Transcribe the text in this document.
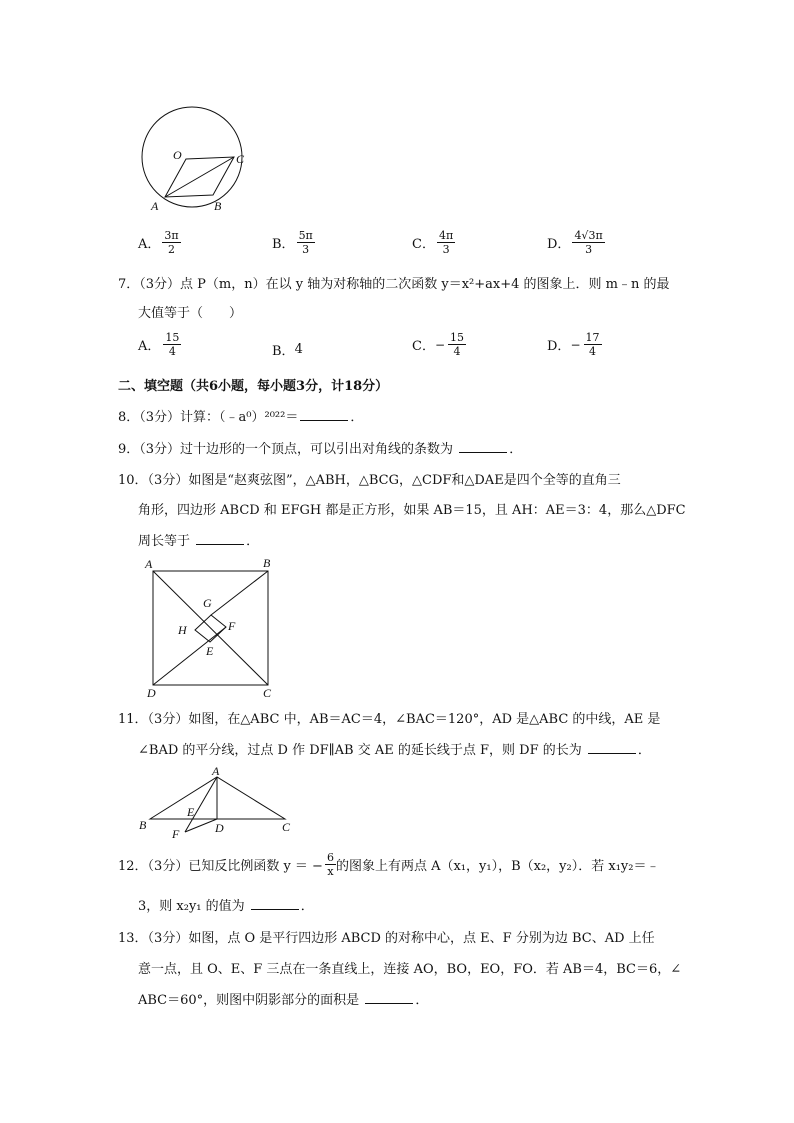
O	C
A	B
A． $\frac{3\pi}{2}$	B． $\frac{5\pi}{3}$	C． $\frac{4\pi}{3}$	D． $\frac{4√3\pi}{3}$
7．（3分）点 P（m，n）在以 y 轴为对称轴的二次函数 y＝x²+ax+4 的图象上．则 m﹣n 的最
大值等于（　　）
A． $\frac{15}{4}$	B． 4	C． − $\frac{15}{4}$	D． − $\frac{17}{4}$
二、填空题（共6小题，每小题3分，计18分）
8．（3分）计算：（﹣a⁰）²⁰²²＝	．
9．（3分）过十边形的一个顶点，可以引出对角线的条数为	．
10．（3分）如图是“赵爽弦图”，△ABH，△BCG，△CDF和△DAE是四个全等的直角三
角形，四边形 ABCD 和 EFGH 都是正方形，如果 AB＝15，且 AH：AE＝3：4，那么△DFC
周长等于	．
A	B
C
D
E
F
G
H
11．（3分）如图，在△ABC 中，AB＝AC＝4，∠BAC＝120°，AD 是△ABC 的中线，AE 是
∠BAD 的平分线，过点 D 作 DF∥AB 交 AE 的延长线于点 F，则 DF 的长为	．
A
B	C
D
E
F
12．（3分）已知反比例函数 y ＝ − $\frac{6}{x}$ 的图象上有两点 A（x₁，y₁），B（x₂，y₂）．若 x₁y₂＝﹣
3，则 x₂y₁ 的值为	．
13．（3分）如图，点 O 是平行四边形 ABCD 的对称中心，点 E、F 分别为边 BC、AD 上任
意一点，且 O、E、F 三点在一条直线上，连接 AO，BO，EO，FO．若 AB＝4，BC＝6，∠
ABC＝60°，则图中阴影部分的面积是	．
